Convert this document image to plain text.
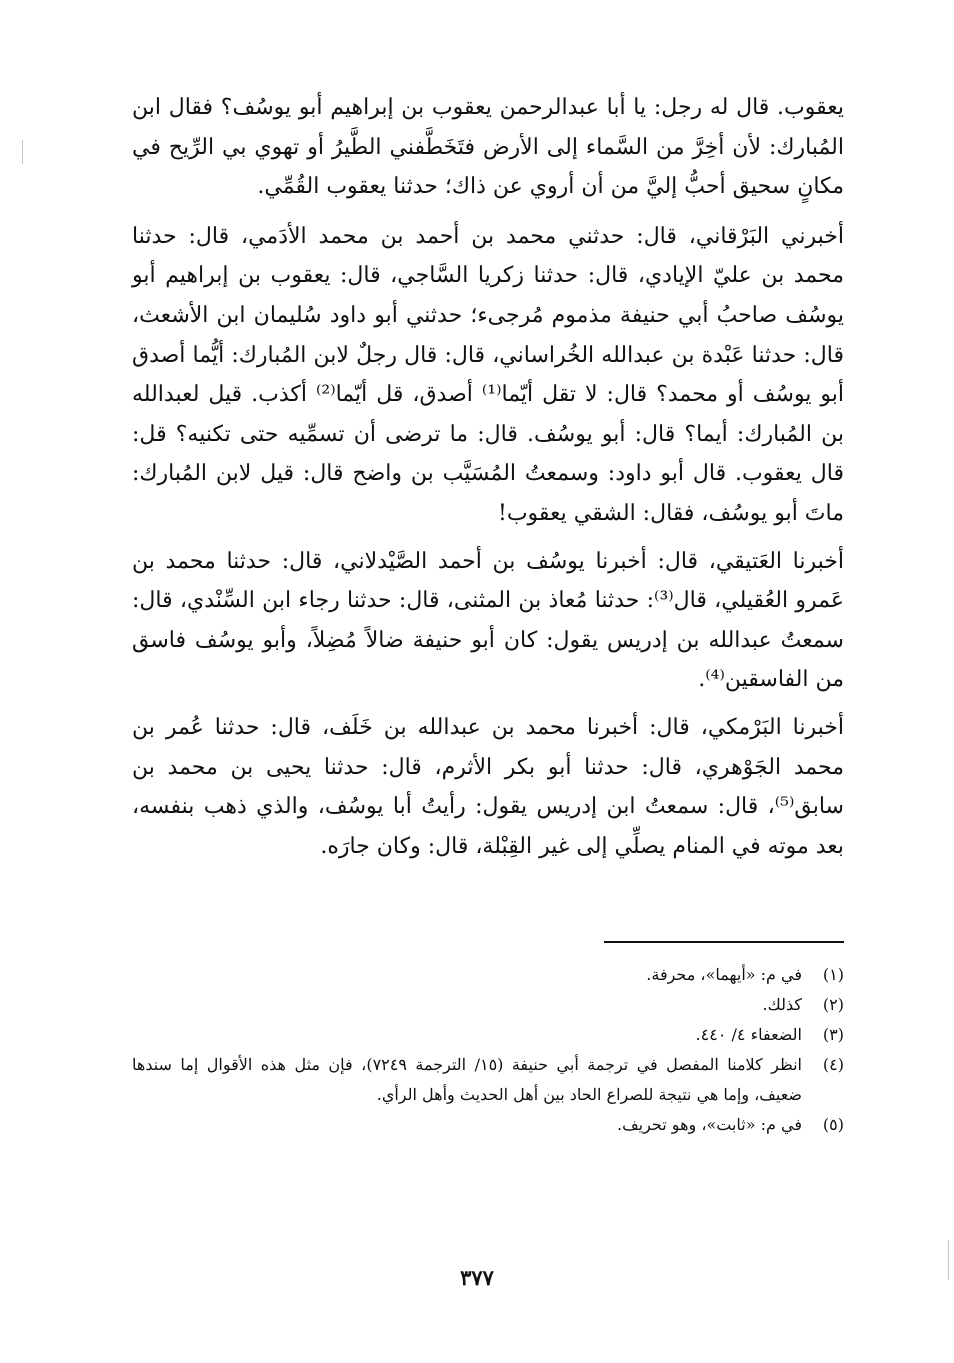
يعقوب. قال له رجل: يا أبا عبدالرحمن يعقوب بن إبراهيم أبو يوسُف؟ فقال ابن المُبارك: لأن أخِرَّ من السَّماء إلى الأرض فتَخَطَّفني الطَّيرُ أو تهوي بي الرِّيح في مكانٍ سحيق أحبُّ إليَّ من أن أروي عن ذاك؛ حدثنا يعقوب القُمِّي.

أخبرني البَرْقاني، قال: حدثني محمد بن أحمد بن محمد الأدَمي، قال: حدثنا محمد بن عليّ الإيادي، قال: حدثنا زكريا السَّاجي، قال: يعقوب بن إبراهيم أبو يوسُف صاحبُ أبي حنيفة مذموم مُرجىء؛ حدثني أبو داود سُليمان ابن الأشعث، قال: حدثنا عَبْدة بن عبدالله الخُراساني، قال: قال رجلٌ لابن المُبارك: أيُّما أصدق أبو يوسُف أو محمد؟ قال: لا تقل أيّما⁽¹⁾ أصدق، قل أيّما⁽²⁾ أكذب. قيل لعبدالله بن المُبارك: أيما؟ قال: أبو يوسُف. قال: ما ترضى أن تسمِّيه حتى تكنيه؟ قل: قال يعقوب. قال أبو داود: وسمعتُ المُسَيَّب بن واضح قال: قيل لابن المُبارك: ماتَ أبو يوسُف، فقال: الشقي يعقوب!

أخبرنا العَتيقي، قال: أخبرنا يوسُف بن أحمد الصَّيْدلاني، قال: حدثنا محمد بن عَمرو العُقيلي، قال⁽³⁾: حدثنا مُعاذ بن المثنى، قال: حدثنا رجاء ابن السِّنْدي، قال: سمعتُ عبدالله بن إدريس يقول: كان أبو حنيفة ضالاً مُضِلاً، وأبو يوسُف فاسق من الفاسقين⁽⁴⁾.

أخبرنا البَرْمكي، قال: أخبرنا محمد بن عبدالله بن خَلَف، قال: حدثنا عُمر بن محمد الجَوْهري، قال: حدثنا أبو بكر الأثرم، قال: حدثنا يحيى بن محمد بن سابق⁽⁵⁾، قال: سمعتُ ابن إدريس يقول: رأيتُ أبا يوسُف، والذي ذهب بنفسه، بعد موته في المنام يصلِّي إلى غير القِبْلة، قال: وكان جارَه.

(١)
في م: «أيهما»، محرفة.
(٢)
كذلك.
(٣)
الضعفاء ٤/ ٤٤٠.
(٤)
انظر كلامنا المفصل في ترجمة أبي حنيفة (١٥/ الترجمة ٧٢٤٩)، فإن مثل هذه الأقوال إما سندها ضعيف، وإما هي نتيجة للصراع الحاد بين أهل الحديث وأهل الرأي.
(٥)
في م: «ثابت»، وهو تحريف.
٣٧٧
